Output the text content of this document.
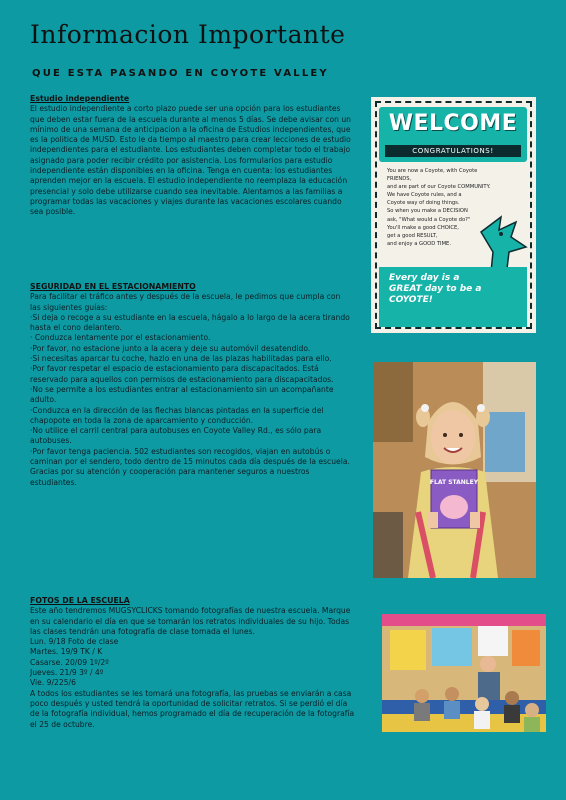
Informacion Importante
QUE ESTA PASANDO EN COYOTE VALLEY
Estudio independiente

El estudio independiente a corto plazo puede ser una opción para los estudiantes que deben estar fuera de la escuela durante al menos 5 días. Se debe avisar con un mínimo de una semana de anticipacion a la oficina de Estudios independientes, que es la politica de MUSD. Esto le da tiempo al maestro para crear lecciones de estudio independientes para el estudiante. Los estudiantes deben completar todo el trabajo asignado para poder recibir crédito por asistencia. Los formularios para estudio independiente están disponibles en la oficina. Tenga en cuenta: los estudiantes aprenden mejor en la escuela. El estudio independiente no reemplaza la educación presencial y solo debe utilizarse cuando sea inevitable. Alentamos a las familias a programar todas las vacaciones y viajes durante las vacaciones escolares cuando sea posible.

SEGURIDAD EN EL ESTACIONAMIENTO

Para facilitar el tráfico antes y después de la escuela, le pedimos que cumpla con las siguientes guías:

·Si deja o recoge a su estudiante en la escuela, hágalo a lo largo de la acera tirando hasta el cono delantero.

· Conduzca lentamente por el estacionamiento.

·Por favor, no estacione junto a la acera y deje su automóvil desatendido.

·Si necesitas aparcar tu coche, hazlo en una de las plazas habilitadas para ello.

·Por favor respetar el espacio de estacionamiento para discapacitados. Está reservado para aquellos con permisos de estacionamiento para discapacitados.

·No se permite a los estudiantes entrar al estacionamiento sin un acompañante adulto.

·Conduzca en la dirección de las flechas blancas pintadas en la superficie del chapopote en toda la zona de aparcamiento y conducción.

·No utilice el carril central para autobuses en Coyote Valley Rd., es sólo para autobuses.

·Por favor tenga paciencia. 502 estudiantes son recogidos, viajan en autobús o caminan por el sendero, todo dentro de 15 minutos cada día después de la escuela.

Gracias por su atención y cooperación para mantener seguros a nuestros estudiantes.

FOTOS DE LA ESCUELA

Este año tendremos MUGSYCLICKS tomando fotografías de nuestra escuela. Marque en su calendario el día en que se tomarán los retratos individuales de su hijo. Todas las clases tendrán una fotografía de clase tomada el lunes.

Lun. 9/18 Foto de clase

Martes. 19/9 TK / K

Casarse. 20/09 1º/2º

Jueves. 21/9 3º / 4º

Vie. 9/225/6

A todos los estudiantes se les tomará una fotografía, las pruebas se enviarán a casa poco después y usted tendrá la oportunidad de solicitar retratos. Si se perdió el día de la fotografía individual, hemos programado el día de recuperación de la fotografía el 25 de octubre.

WELCOME
CONGRATULATIONS!
You are now a Coyote, with Coyote FRIENDS,
and are part of our Coyote COMMUNITY.
We have Coyote rules, and a
Coyote way of doing things.
So when you make a DECISION
ask, "What would a Coyote do?"
You'll make a good CHOICE,
get a good RESULT,
and enjoy a GOOD TIME.
Every day is a GREAT day to be a COYOTE!
FLAT STANLEY
